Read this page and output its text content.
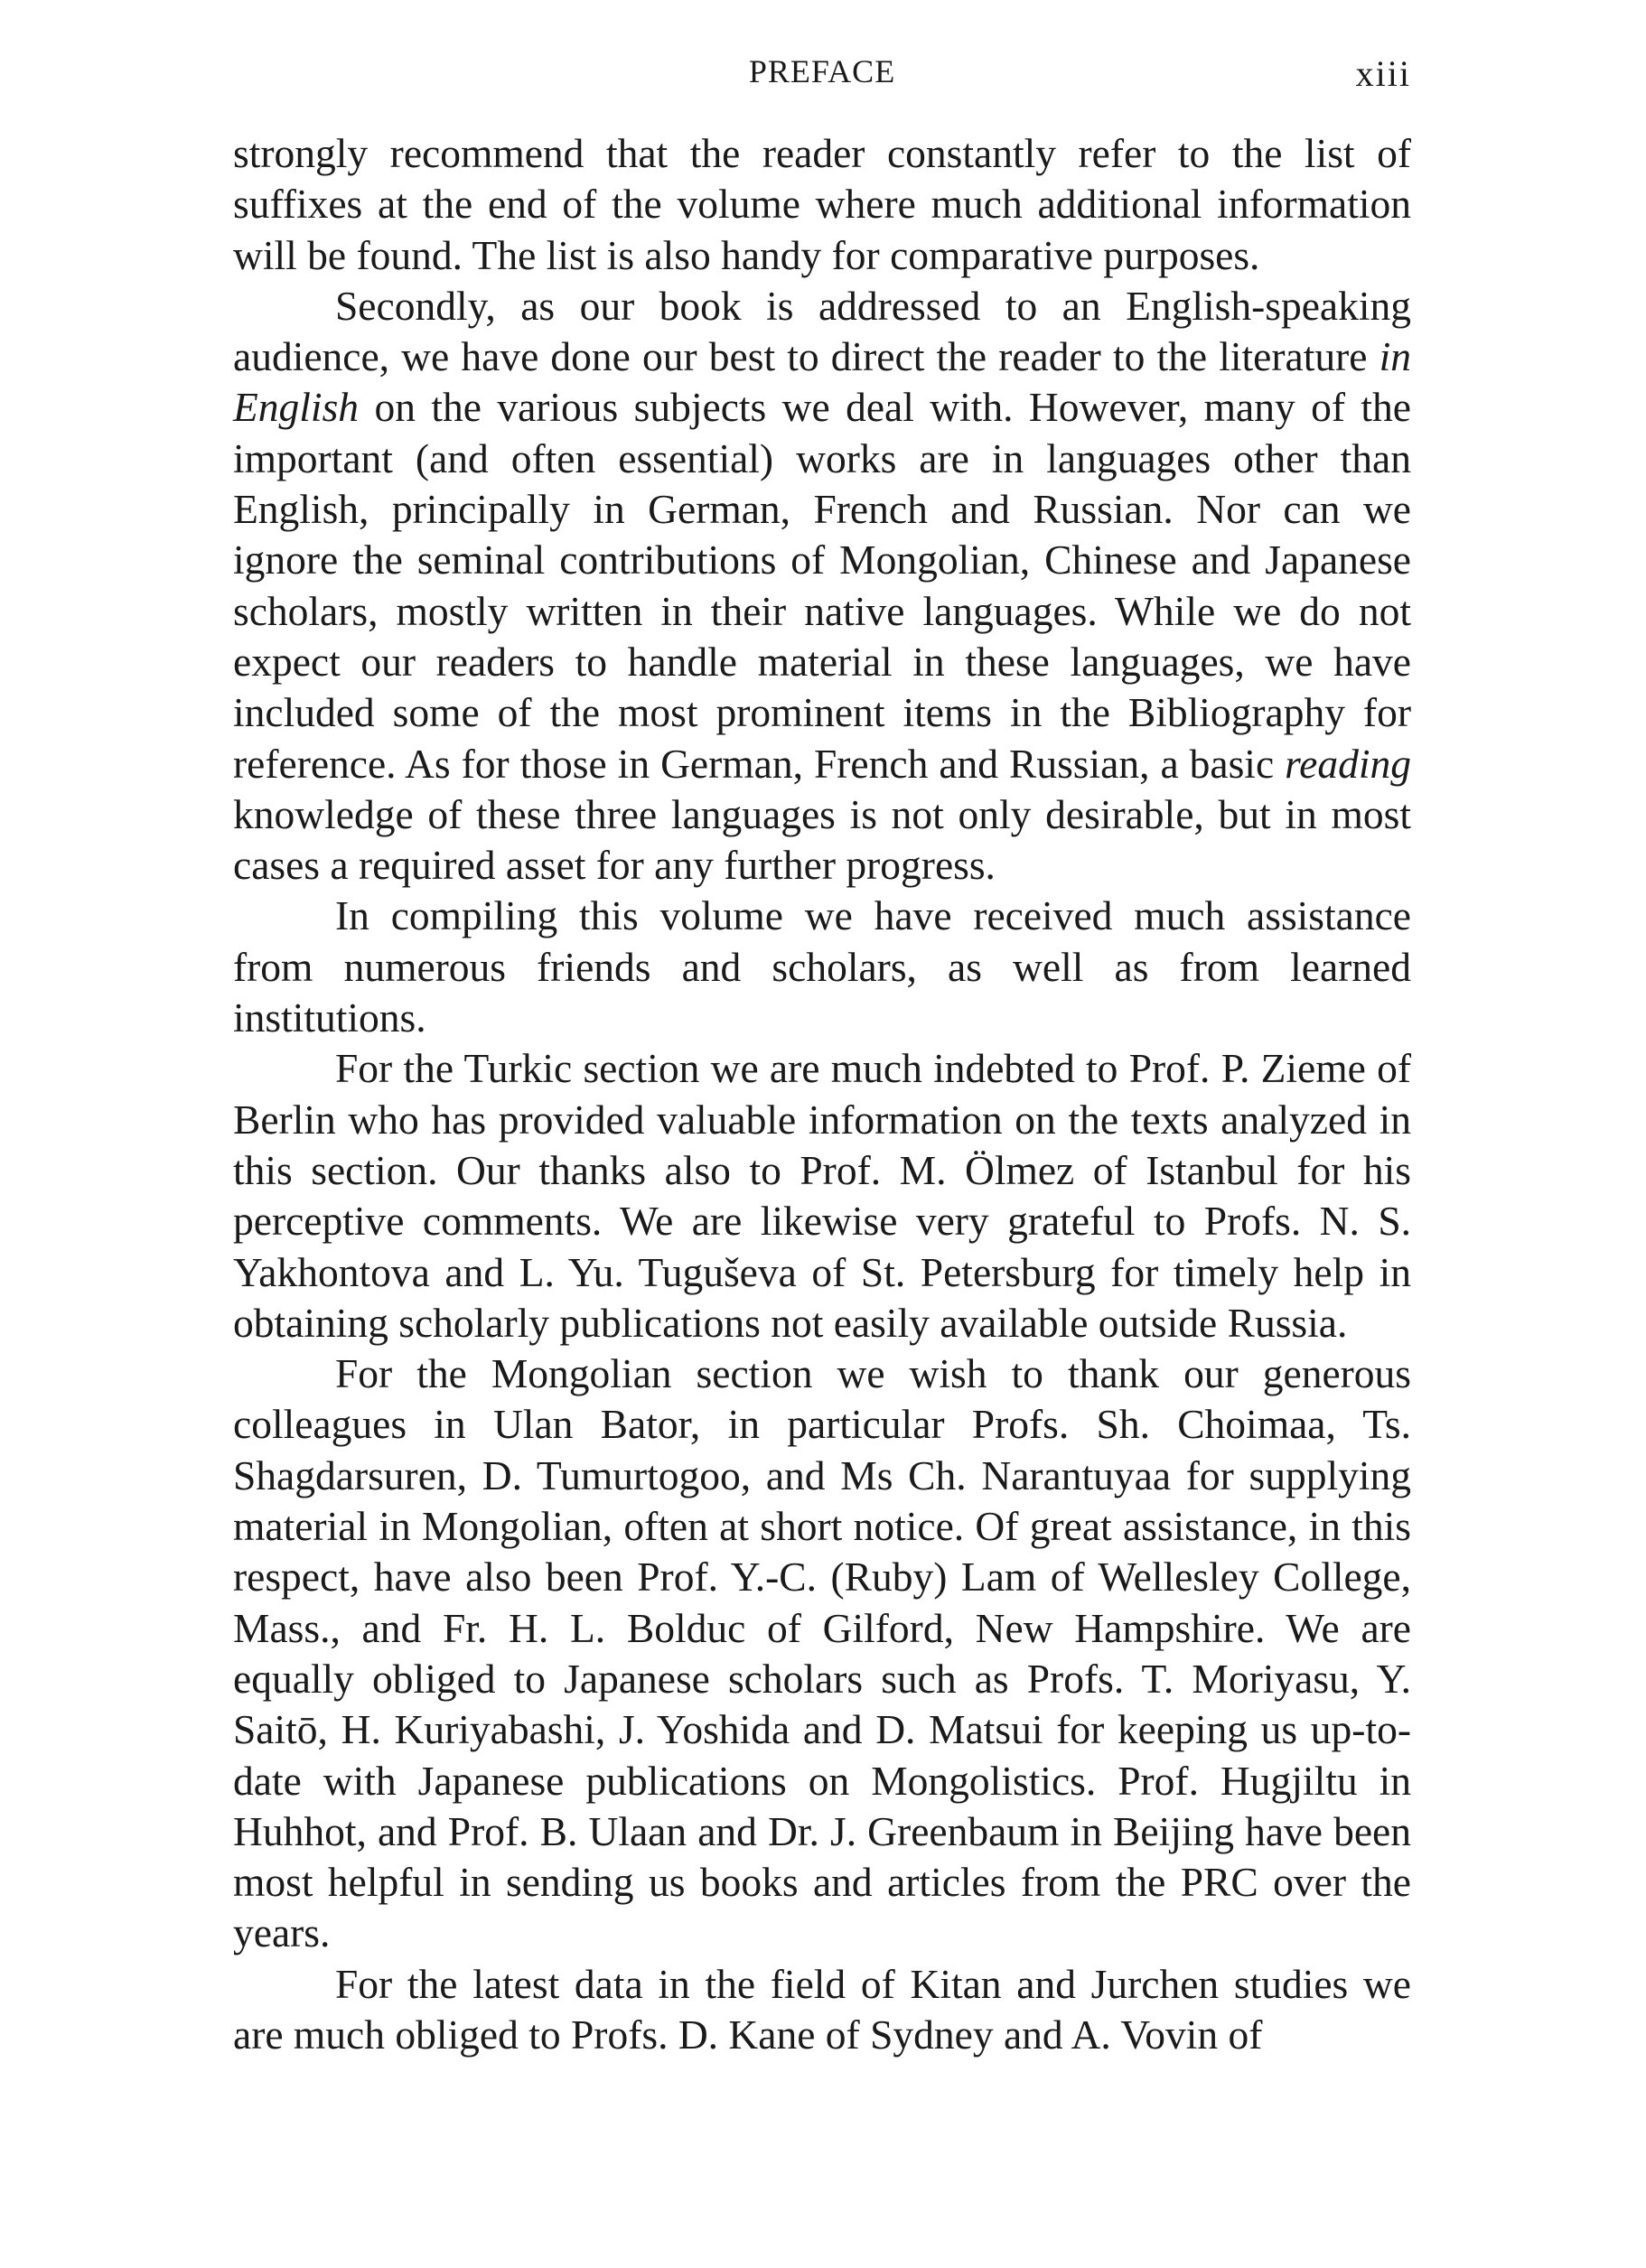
PREFACE	xiii

strongly recommend that the reader constantly refer to the list of suffixes at the end of the volume where much additional information will be found. The list is also handy for comparative purposes.

Secondly, as our book is addressed to an English-speaking audience, we have done our best to direct the reader to the literature in English on the various subjects we deal with. However, many of the important (and often essential) works are in languages other than English, principally in German, French and Russian. Nor can we ignore the seminal contributions of Mongolian, Chinese and Japanese scholars, mostly written in their native languages. While we do not expect our readers to handle material in these languages, we have included some of the most prominent items in the Bibliography for reference. As for those in German, French and Russian, a basic reading knowledge of these three languages is not only desirable, but in most cases a required asset for any further progress.

In compiling this volume we have received much assistance from numerous friends and scholars, as well as from learned institutions.

For the Turkic section we are much indebted to Prof. P. Zieme of Berlin who has provided valuable information on the texts analyzed in this section. Our thanks also to Prof. M. Ölmez of Istanbul for his perceptive comments. We are likewise very grateful to Profs. N. S. Yakhontova and L. Yu. Tuguševa of St. Petersburg for timely help in obtaining scholarly publications not easily available outside Russia.

For the Mongolian section we wish to thank our generous colleagues in Ulan Bator, in particular Profs. Sh. Choimaa, Ts. Shagdarsuren, D. Tumurtogoo, and Ms Ch. Narantuyaa for supplying material in Mongolian, often at short notice. Of great assistance, in this respect, have also been Prof. Y.-C. (Ruby) Lam of Wellesley College, Mass., and Fr. H. L. Bolduc of Gilford, New Hampshire. We are equally obliged to Japanese scholars such as Profs. T. Moriyasu, Y. Saitō, H. Kuriyabashi, J. Yoshida and D. Matsui for keeping us up-to-date with Japanese publications on Mongolistics. Prof. Hugjiltu in Huhhot, and Prof. B. Ulaan and Dr. J. Greenbaum in Beijing have been most helpful in sending us books and articles from the PRC over the years.

For the latest data in the field of Kitan and Jurchen studies we are much obliged to Profs. D. Kane of Sydney and A. Vovin of
